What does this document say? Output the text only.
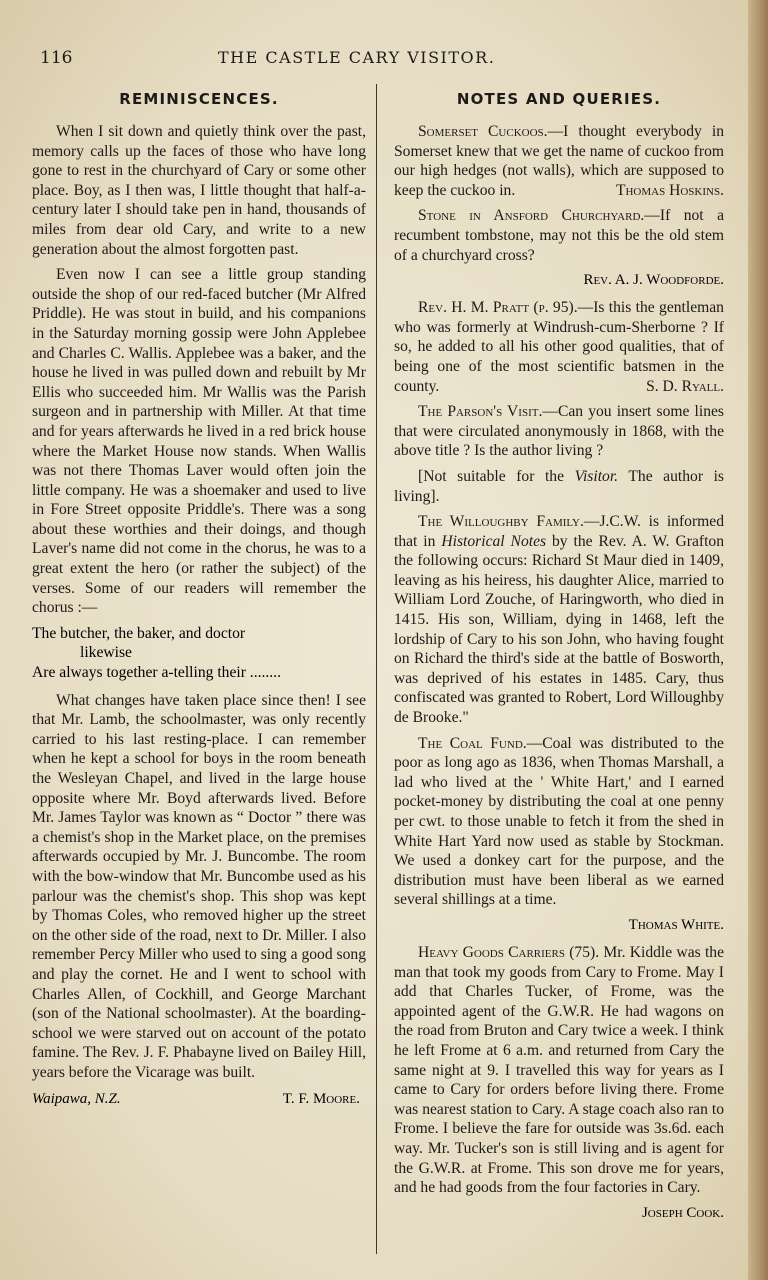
116	THE CASTLE CARY VISITOR.
REMINISCENCES.

When I sit down and quietly think over the past, memory calls up the faces of those who have long gone to rest in the churchyard of Cary or some other place. Boy, as I then was, I little thought that half-a-century later I should take pen in hand, thousands of miles from dear old Cary, and write to a new generation about the almost forgotten past.

Even now I can see a little group standing outside the shop of our red-faced butcher (Mr Alfred Priddle). He was stout in build, and his companions in the Saturday morning gossip were John Applebee and Charles C. Wallis. Applebee was a baker, and the house he lived in was pulled down and rebuilt by Mr Ellis who succeeded him. Mr Wallis was the Parish surgeon and in partnership with Miller. At that time and for years afterwards he lived in a red brick house where the Market House now stands. When Wallis was not there Thomas Laver would often join the little company. He was a shoemaker and used to live in Fore Street opposite Priddle's. There was a song about these worthies and their doings, and though Laver's name did not come in the chorus, he was to a great extent the hero (or rather the subject) of the verses. Some of our readers will remember the chorus :—

The butcher, the baker, and doctor
likewise
Are always together a-telling their ........

What changes have taken place since then! I see that Mr. Lamb, the schoolmaster, was only recently carried to his last resting-place. I can remember when he kept a school for boys in the room beneath the Wesleyan Chapel, and lived in the large house opposite where Mr. Boyd afterwards lived. Before Mr. James Taylor was known as “ Doctor ” there was a chemist's shop in the Market place, on the premises afterwards occupied by Mr. J. Buncombe. The room with the bow-window that Mr. Buncombe used as his parlour was the chemist's shop. This shop was kept by Thomas Coles, who removed higher up the street on the other side of the road, next to Dr. Miller. I also remember Percy Miller who used to sing a good song and play the cornet. He and I went to school with Charles Allen, of Cockhill, and George Marchant (son of the National schoolmaster). At the boarding-school we were starved out on account of the potato famine. The Rev. J. F. Phabayne lived on Bailey Hill, years before the Vicarage was built.

Waipawa, N.Z.	T. F. Moore.
NOTES AND QUERIES.

Somerset Cuckoos.—I thought everybody in Somerset knew that we get the name of cuckoo from our high hedges (not walls), which are supposed to keep the cuckoo in.	Thomas Hoskins.

Stone in Ansford Churchyard.—If not a recumbent tombstone, may not this be the old stem of a churchyard cross?

Rev. A. J. Woodforde.

Rev. H. M. Pratt (p. 95).—Is this the gentleman who was formerly at Windrush-cum-Sherborne ? If so, he added to all his other good qualities, that of being one of the most scientific batsmen in the county.	S. D. Ryall.

The Parson's Visit.—Can you insert some lines that were circulated anonymously in 1868, with the above title ? Is the author living ?

[Not suitable for the Visitor. The author is living].

The Willoughby Family.—J.C.W. is informed that in Historical Notes by the Rev. A. W. Grafton the following occurs: Richard St Maur died in 1409, leaving as his heiress, his daughter Alice, married to William Lord Zouche, of Haringworth, who died in 1415. His son, William, dying in 1468, left the lordship of Cary to his son John, who having fought on Richard the third's side at the battle of Bosworth, was deprived of his estates in 1485. Cary, thus confiscated was granted to Robert, Lord Willoughby de Brooke."

The Coal Fund.—Coal was distributed to the poor as long ago as 1836, when Thomas Marshall, a lad who lived at the ' White Hart,' and I earned pocket-money by distributing the coal at one penny per cwt. to those unable to fetch it from the shed in White Hart Yard now used as stable by Stockman. We used a donkey cart for the purpose, and the distribution must have been liberal as we earned several shillings at a time.

Thomas White.

Heavy Goods Carriers (75). Mr. Kiddle was the man that took my goods from Cary to Frome. May I add that Charles Tucker, of Frome, was the appointed agent of the G.W.R. He had wagons on the road from Bruton and Cary twice a week. I think he left Frome at 6 a.m. and returned from Cary the same night at 9. I travelled this way for years as I came to Cary for orders before living there. Frome was nearest station to Cary. A stage coach also ran to Frome. I believe the fare for outside was 3s.6d. each way. Mr. Tucker's son is still living and is agent for the G.W.R. at Frome. This son drove me for years, and he had goods from the four factories in Cary.

Joseph Cook.
